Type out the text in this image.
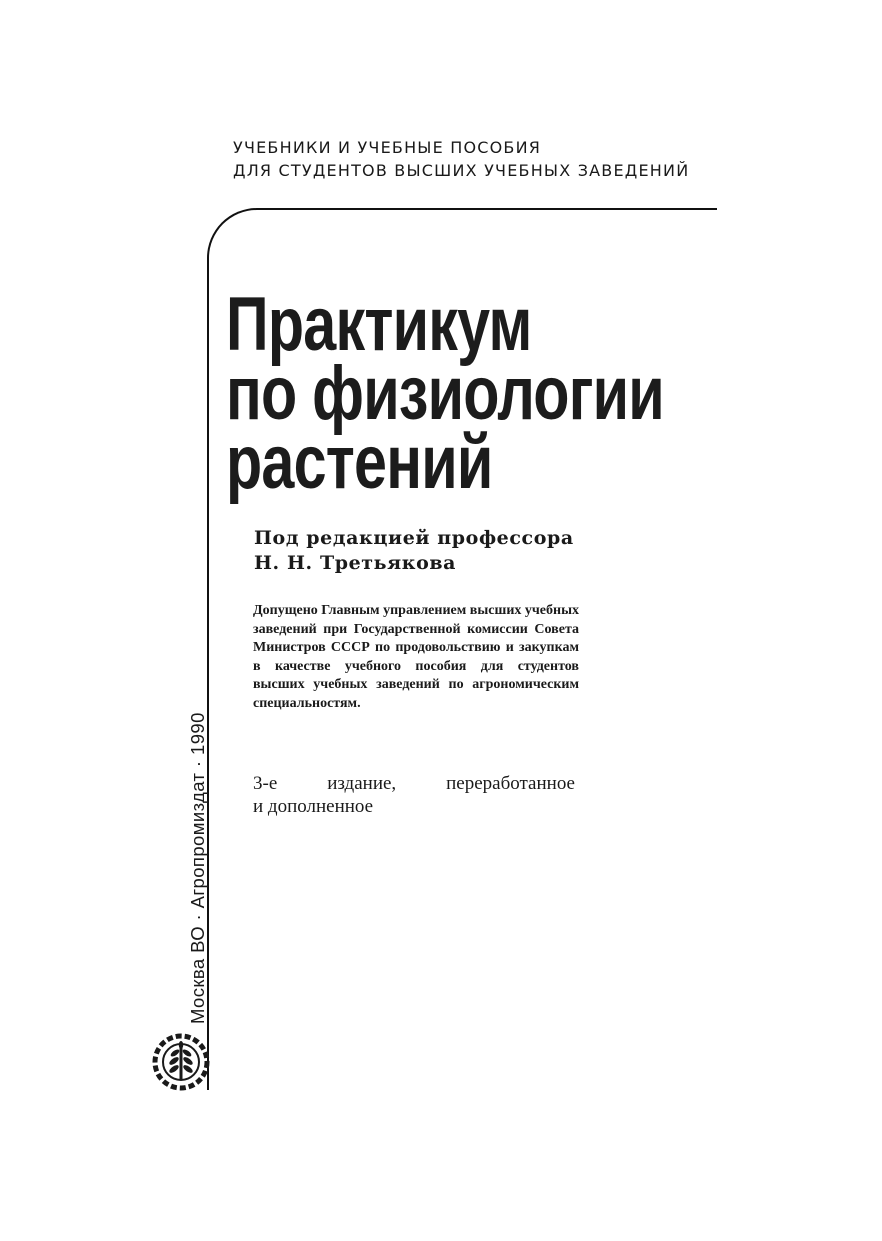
УЧЕБНИКИ И УЧЕБНЫЕ ПОСОБИЯ
ДЛЯ СТУДЕНТОВ ВЫСШИХ УЧЕБНЫХ ЗАВЕДЕНИЙ
Практикум
по физиологии
растений
Под редакцией профессора
Н. Н. Третьякова
Допущено Главным управлением высших учебных заведений при Государственной комиссии Совета Министров СССР по продовольствию и закупкам в качестве учебного пособия для студентов высших учебных заведений по агрономическим специальностям.
3-е	издание,	переработанное
и дополненное
Москва ВО · Агропромиздат · 1990
